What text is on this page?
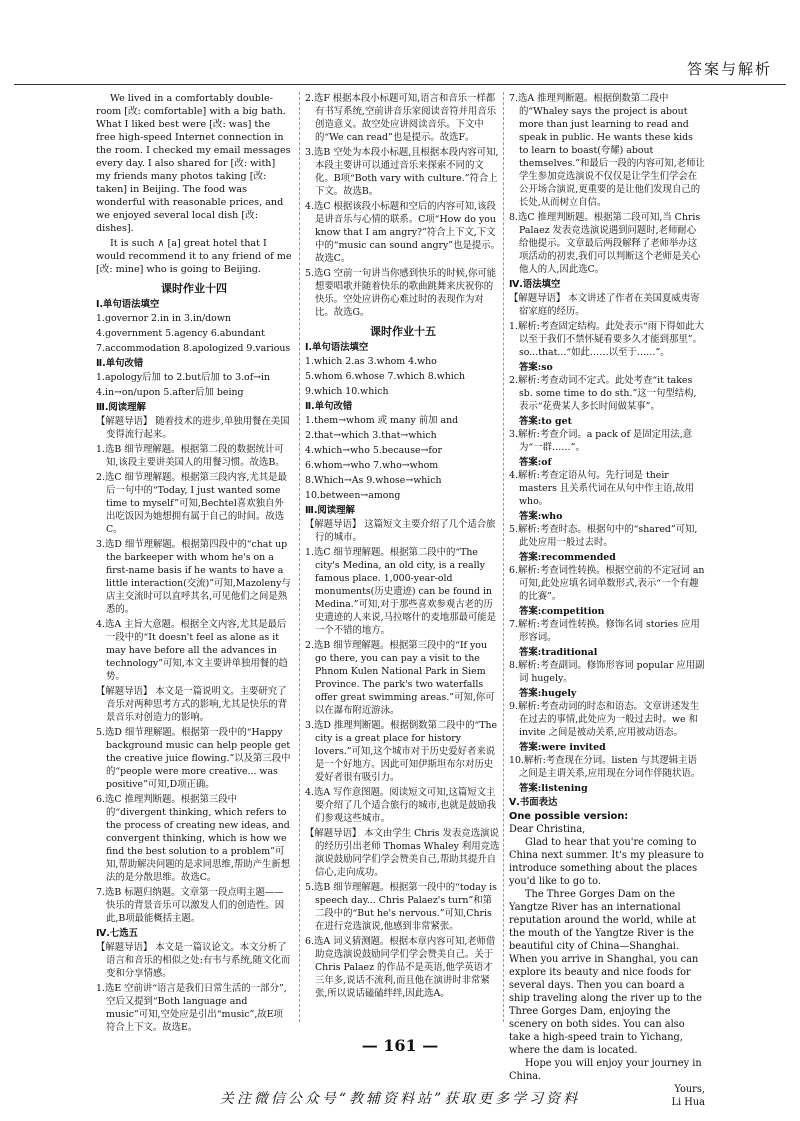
答案与解析

We lived in a comfortably double-room [改: comfortable] with a big bath. What I liked best were [改: was] the free high-speed Internet connection in the room. I checked my email messages every day. I also shared for [改: with] my friends many photos taking [改: taken] in Beijing. The food was wonderful with reasonable prices, and we enjoyed several local dish [改: dishes].

It is such ∧ [a] great hotel that I would recommend it to any friend of me [改: mine] who is going to Beijing.

课时作业十四
Ⅰ.单句语法填空
1.governor 2.in in 3.in/down
4.government 5.agency 6.abundant
7.accommodation 8.apologized 9.various
Ⅱ.单句改错
1.apology后加 to 2.but后加 to 3.of→in
4.in→on/upon 5.after后加 being
Ⅲ.阅读理解
【解题导语】 随着技术的进步,单独用餐在美国变得流行起来。
1.选B 细节理解题。根据第二段的数据统计可知,该段主要讲美国人的用餐习惯。故选B。
2.选C 细节理解题。根据第三段内容,尤其是最后一句中的“Today, I just wanted some time to myself”可知,Bechtel喜欢独自外出吃饭因为她想拥有属于自己的时间。故选C。
3.选D 细节理解题。根据第四段中的“chat up the barkeeper with whom he's on a first-name basis if he wants to have a little interaction(交流)”可知,Mazoleny与店主交流时可以直呼其名,可见他们之间是熟悉的。
4.选A 主旨大意题。根据全文内容,尤其是最后一段中的“It doesn't feel as alone as it may have before all the advances in technology”可知,本文主要讲单独用餐的趋势。
【解题导语】 本文是一篇说明文。主要研究了音乐对两种思考方式的影响,尤其是快乐的背景音乐对创造力的影响。
5.选D 细节理解题。根据第一段中的“Happy background music can help people get the creative juice flowing.”以及第三段中的“people were more creative... was positive”可知,D项正确。
6.选C 推理判断题。根据第三段中的“divergent thinking, which refers to the process of creating new ideas, and convergent thinking, which is how we find the best solution to a problem”可知,帮助解决问题的是求同思维,帮助产生新想法的是分散思维。故选C。
7.选B 标题归纳题。文章第一段点明主题——快乐的背景音乐可以激发人们的创造性。因此,B项最能概括主题。
Ⅳ.七选五
【解题导语】 本文是一篇议论文。本文分析了语言和音乐的相似之处:有韦与系统,随文化而变和分享情感。
1.选E 空前讲“语言是我们日常生活的一部分”,空后又提到“Both language and music”可知,空处应是引出“music”,故E项符合上下文。故选E。
2.选F 根据本段小标题可知,语言和音乐一样都有书写系统,空前讲音乐家阅读音符并用音乐创造意义。故空处应讲阅读音乐。下文中的“We can read”也是提示。故选F。
3.选B 空处为本段小标题,且根据本段内容可知,本段主要讲可以通过音乐来探索不同的文化。B项“Both vary with culture.”符合上下文。故选B。
4.选C 根据该段小标题和空后的内容可知,该段是讲音乐与心情的联系。C项“How do you know that I am angry?”符合上下文,下文中的“music can sound angry”也是提示。故选C。
5.选G 空前一句讲当你感到快乐的时候,你可能想要唱歌并随着快乐的歌曲跳舞来庆祝你的快乐。空处应讲伤心难过时的表现作为对比。故选G。
课时作业十五
Ⅰ.单句语法填空
1.which 2.as 3.whom 4.who
5.whom 6.whose 7.which 8.which
9.which 10.which
Ⅱ.单句改错
1.them→whom 或 many 前加 and
2.that→which 3.that→which
4.which→who 5.because→for
6.whom→who 7.who→whom
8.Which→As 9.whose→which
10.between→among
Ⅲ.阅读理解
【解题导语】 这篇短文主要介绍了几个适合旅行的城市。
1.选C 细节理解题。根据第二段中的“The city's Medina, an old city, is a really famous place. 1,000-year-old monuments(历史遗迹) can be found in Medina.”可知,对于那些喜欢参观古老的历史遗迹的人来说,马拉喀什的麦地那最可能是一个不错的地方。
2.选B 细节理解题。根据第三段中的“If you go there, you can pay a visit to the Phnom Kulen National Park in Siem Province. The park's two waterfalls offer great swimming areas.”可知,你可以在瀑布附近游泳。
3.选D 推理判断题。根据倒数第二段中的“The city is a great place for history lovers.”可知,这个城市对于历史爱好者来说是一个好地方。因此可知伊斯坦布尔对历史爱好者很有吸引力。
4.选A 写作意图题。阅读短文可知,这篇短文主要介绍了几个适合旅行的城市,也就是鼓励我们参观这些城市。
【解题导语】 本文由学生 Chris 发表竞选演说的经历引出老师 Thomas Whaley 利用竞选演说鼓励同学们学会赞美自己,帮助其提升自信心,走向成功。
5.选B 细节理解题。根据第一段中的“today is speech day... Chris Palaez's turn”和第二段中的“But he's nervous.”可知,Chris 在进行竞选演说,他感到非常紧张。
6.选A 词义猜测题。根据本章内容可知,老师借助竞选演说鼓励同学们学会赞美自己。关于 Chris Palaez 的作品不是英语,他学英语才三年多,说话不流利,而且他在演讲时非常紧张,所以说话磕磕绊绊,因此选A。
7.选A 推理判断题。根据倒数第二段中的“Whaley says the project is about more than just learning to read and speak in public. He wants these kids to learn to boast(夸耀) about themselves.”和最后一段的内容可知,老师让学生参加竞选演说不仅仅是让学生们学会在公开场合演说,更重要的是让他们发现自己的长处,从而树立自信。
8.选C 推理判断题。根据第二段可知,当 Chris Palaez 发表竞选演说遇到问题时,老师耐心给他提示。文章最后两段解释了老师举办这项活动的初衷,我们可以判断这个老师是关心他人的人,因此选C。
Ⅳ.语法填空
【解题导语】 本文讲述了作者在美国夏威夷寄宿家庭的经历。
1.解析:考查固定结构。此处表示“雨下得如此大以至于我们不禁怀疑看要多久才能到那里”。so...that...“如此……以至于……”。
答案:so
2.解析:考查动词不定式。此处考查“it takes sb. some time to do sth.”这一句型结构,表示“花费某人多长时间做某事”。
答案:to get
3.解析:考查介词。a pack of 是固定用法,意为“一群……”。
答案:of
4.解析:考查定语从句。先行词是 their masters 且关系代词在从句中作主语,故用 who。
答案:who
5.解析:考查时态。根据句中的“shared”可知,此处应用一般过去时。
答案:recommended
6.解析:考查词性转换。根据空前的不定冠词 an 可知,此处应填名词单数形式,表示“一个有趣的比赛”。
答案:competition
7.解析:考查词性转换。修饰名词 stories 应用形容词。
答案:traditional
8.解析:考查副词。修饰形容词 popular 应用副词 hugely。
答案:hugely
9.解析:考查动词的时态和语态。文章讲述发生在过去的事情,此处应为一般过去时。we 和 invite 之间是被动关系,应用被动语态。
答案:were invited
10.解析:考查现在分词。listen 与其逻辑主语之间是主谓关系,应用现在分词作伴随状语。
答案:listening
Ⅴ.书面表达

One possible version:

Dear Christina,

Glad to hear that you're coming to China next summer. It's my pleasure to introduce something about the places you'd like to go to.

The Three Gorges Dam on the Yangtze River has an international reputation around the world, while at the mouth of the Yangtze River is the beautiful city of China—Shanghai. When you arrive in Shanghai, you can explore its beauty and nice foods for several days. Then you can board a ship traveling along the river up to the Three Gorges Dam, enjoying the scenery on both sides. You can also take a high-speed train to Yichang, where the dam is located.

Hope you will enjoy your journey in China.

Yours,

Li Hua

— 161 —
关注微信公众号“教辅资料站”获取更多学习资料
